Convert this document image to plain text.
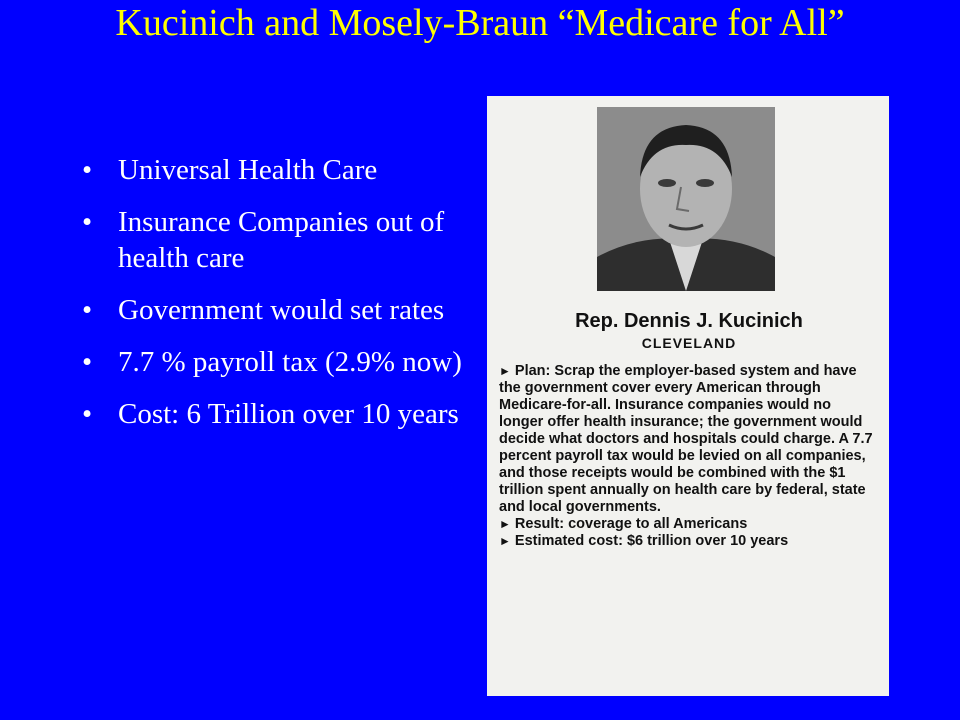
Kucinich and Mosely-Braun “Medicare for All”
• Universal Health Care
• Insurance Companies out of health care
• Government would set rates
• 7.7 % payroll tax (2.9% now)
• Cost: 6 Trillion over 10 years
Rep. Dennis J. Kucinich
CLEVELAND

► Plan: Scrap the employer-based system and have the government cover every American through Medicare-for-all. Insurance companies would no longer offer health insurance; the government would decide what doctors and hospitals could charge. A 7.7 percent payroll tax would be levied on all companies, and those receipts would be combined with the $1 trillion spent annually on health care by federal, state and local governments.

► Result: coverage to all Americans

► Estimated cost: $6 trillion over 10 years
